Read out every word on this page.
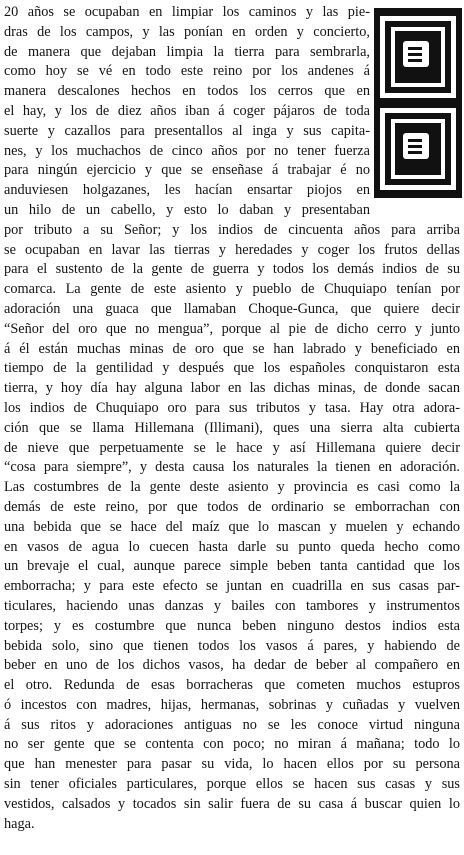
20 años se ocupaban en limpiar los caminos y las pie-
dras de los campos, y las ponían en orden y concierto,
de manera que dejaban limpia la tierra para sembrarla,
como hoy se vé en todo este reino por los andenes á
manera descalones hechos en todos los cerros que en
el hay, y los de diez años iban á coger pájaros de toda
suerte y cazallos para presentallos al inga y sus capita-
nes, y los muchachos de cinco años por no tener fuerza
para ningún ejercicio y que se enseñase á trabajar é no
anduviesen holgazanes, les hacían ensartar piojos en
un hilo de un cabello, y esto lo daban y presentaban
por tributo a su Señor; y los indios de cincuenta años para arriba
se ocupaban en lavar las tierras y heredades y coger los frutos dellas
para el sustento de la gente de guerra y todos los demás indios de su
comarca. La gente de este asiento y pueblo de Chuquiapo tenían por
adoración una guaca que llamaban Choque-Gunca, que quiere decir
“Señor del oro que no mengua”, porque al pie de dicho cerro y junto
á él están muchas minas de oro que se han labrado y beneficiado en
tiempo de la gentilidad y después que los españoles conquistaron esta
tierra, y hoy día hay alguna labor en las dichas minas, de donde sacan
los indios de Chuquiapo oro para sus tributos y tasa. Hay otra adora-
ción que se llama Hillemana (Illimani), ques una sierra alta cubierta
de nieve que perpetuamente se le hace y así Hillemana quiere decir
“cosa para siempre”, y desta causa los naturales la tienen en adoración.
Las costumbres de la gente deste asiento y provincia es casi como la
demás de este reino, por que todos de ordinario se emborrachan con
una bebida que se hace del maíz que lo mascan y muelen y echando
en vasos de agua lo cuecen hasta darle su punto queda hecho como
un brevaje el cual, aunque parece simple beben tanta cantidad que los
emborracha; y para este efecto se juntan en cuadrilla en sus casas par-
ticulares, haciendo unas danzas y bailes con tambores y instrumentos
torpes; y es costumbre que nunca beben ninguno destos indios esta
bebida solo, sino que tienen todos los vasos á pares, y habiendo de
beber en uno de los dichos vasos, ha dedar de beber al compañero en
el otro. Redunda de esas borracheras que cometen muchos estupros
ó incestos con madres, hijas, hermanas, sobrinas y cuñadas y vuelven
á sus ritos y adoraciones antiguas no se les conoce virtud ninguna
no ser gente que se contenta con poco; no miran á mañana; todo lo
que han menester para pasar su vida, lo hacen ellos por su persona
sin tener oficiales particulares, porque ellos se hacen sus casas y sus
vestidos, calsados y tocados sin salir fuera de su casa á buscar quien lo
haga.
